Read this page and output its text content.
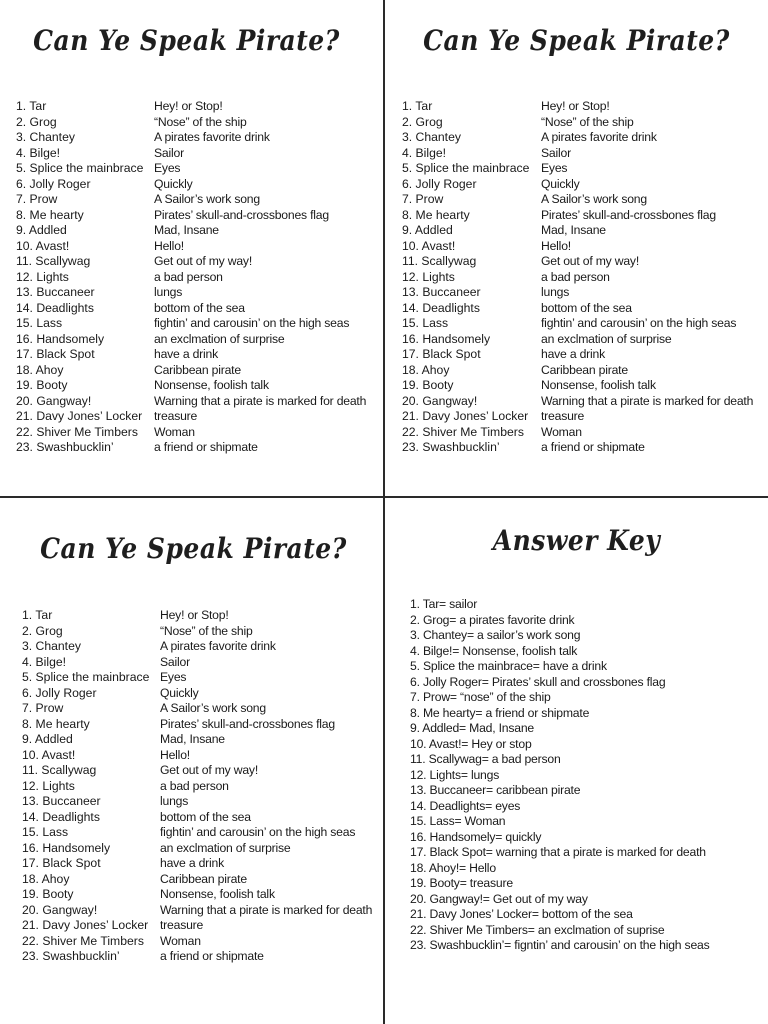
Can Ye Speak Pirate?
1. Tar
2. Grog
3. Chantey
4. Bilge!
5. Splice the mainbrace
6. Jolly Roger
7. Prow
8. Me hearty
9. Addled
10. Avast!
11. Scallywag
12. Lights
13. Buccaneer
14. Deadlights
15. Lass
16. Handsomely
17. Black Spot
18. Ahoy
19. Booty
20. Gangway!
21. Davy Jones’ Locker
22. Shiver Me Timbers
23. Swashbucklin’
Hey! or Stop!
“Nose” of the ship
A pirates favorite drink
Sailor
Eyes
Quickly
A Sailor’s work song
Pirates’ skull-and-crossbones flag
Mad, Insane
Hello!
Get out of my way!
a bad person
lungs
bottom of the sea
fightin’ and carousin’ on the high seas
an exclmation of surprise
have a drink
Caribbean pirate
Nonsense, foolish talk
Warning that a pirate is marked for death
treasure
Woman
a friend or shipmate
Can Ye Speak Pirate?
1. Tar
2. Grog
3. Chantey
4. Bilge!
5. Splice the mainbrace
6. Jolly Roger
7. Prow
8. Me hearty
9. Addled
10. Avast!
11. Scallywag
12. Lights
13. Buccaneer
14. Deadlights
15. Lass
16. Handsomely
17. Black Spot
18. Ahoy
19. Booty
20. Gangway!
21. Davy Jones’ Locker
22. Shiver Me Timbers
23. Swashbucklin’
Hey! or Stop!
“Nose” of the ship
A pirates favorite drink
Sailor
Eyes
Quickly
A Sailor’s work song
Pirates’ skull-and-crossbones flag
Mad, Insane
Hello!
Get out of my way!
a bad person
lungs
bottom of the sea
fightin’ and carousin’ on the high seas
an exclmation of surprise
have a drink
Caribbean pirate
Nonsense, foolish talk
Warning that a pirate is marked for death
treasure
Woman
a friend or shipmate
Can Ye Speak Pirate?
1. Tar
2. Grog
3. Chantey
4. Bilge!
5. Splice the mainbrace
6. Jolly Roger
7. Prow
8. Me hearty
9. Addled
10. Avast!
11. Scallywag
12. Lights
13. Buccaneer
14. Deadlights
15. Lass
16. Handsomely
17. Black Spot
18. Ahoy
19. Booty
20. Gangway!
21. Davy Jones’ Locker
22. Shiver Me Timbers
23. Swashbucklin’
Hey! or Stop!
“Nose” of the ship
A pirates favorite drink
Sailor
Eyes
Quickly
A Sailor’s work song
Pirates’ skull-and-crossbones flag
Mad, Insane
Hello!
Get out of my way!
a bad person
lungs
bottom of the sea
fightin’ and carousin’ on the high seas
an exclmation of surprise
have a drink
Caribbean pirate
Nonsense, foolish talk
Warning that a pirate is marked for death
treasure
Woman
a friend or shipmate
Answer Key
1. Tar= sailor
2. Grog= a pirates favorite drink
3. Chantey= a sailor’s work song
4. Bilge!= Nonsense, foolish talk
5. Splice the mainbrace= have a drink
6. Jolly Roger= Pirates’ skull and crossbones flag
7. Prow= “nose” of the ship
8. Me hearty= a friend or shipmate
9. Addled= Mad, Insane
10. Avast!= Hey or stop
11. Scallywag= a bad person
12. Lights= lungs
13. Buccaneer= caribbean pirate
14. Deadlights= eyes
15. Lass= Woman
16. Handsomely= quickly
17. Black Spot= warning that a pirate is marked for death
18. Ahoy!= Hello
19. Booty= treasure
20. Gangway!= Get out of my way
21. Davy Jones’ Locker= bottom of the sea
22. Shiver Me Timbers= an exclmation of suprise
23. Swashbucklin’= figntin’ and carousin’ on the high seas
